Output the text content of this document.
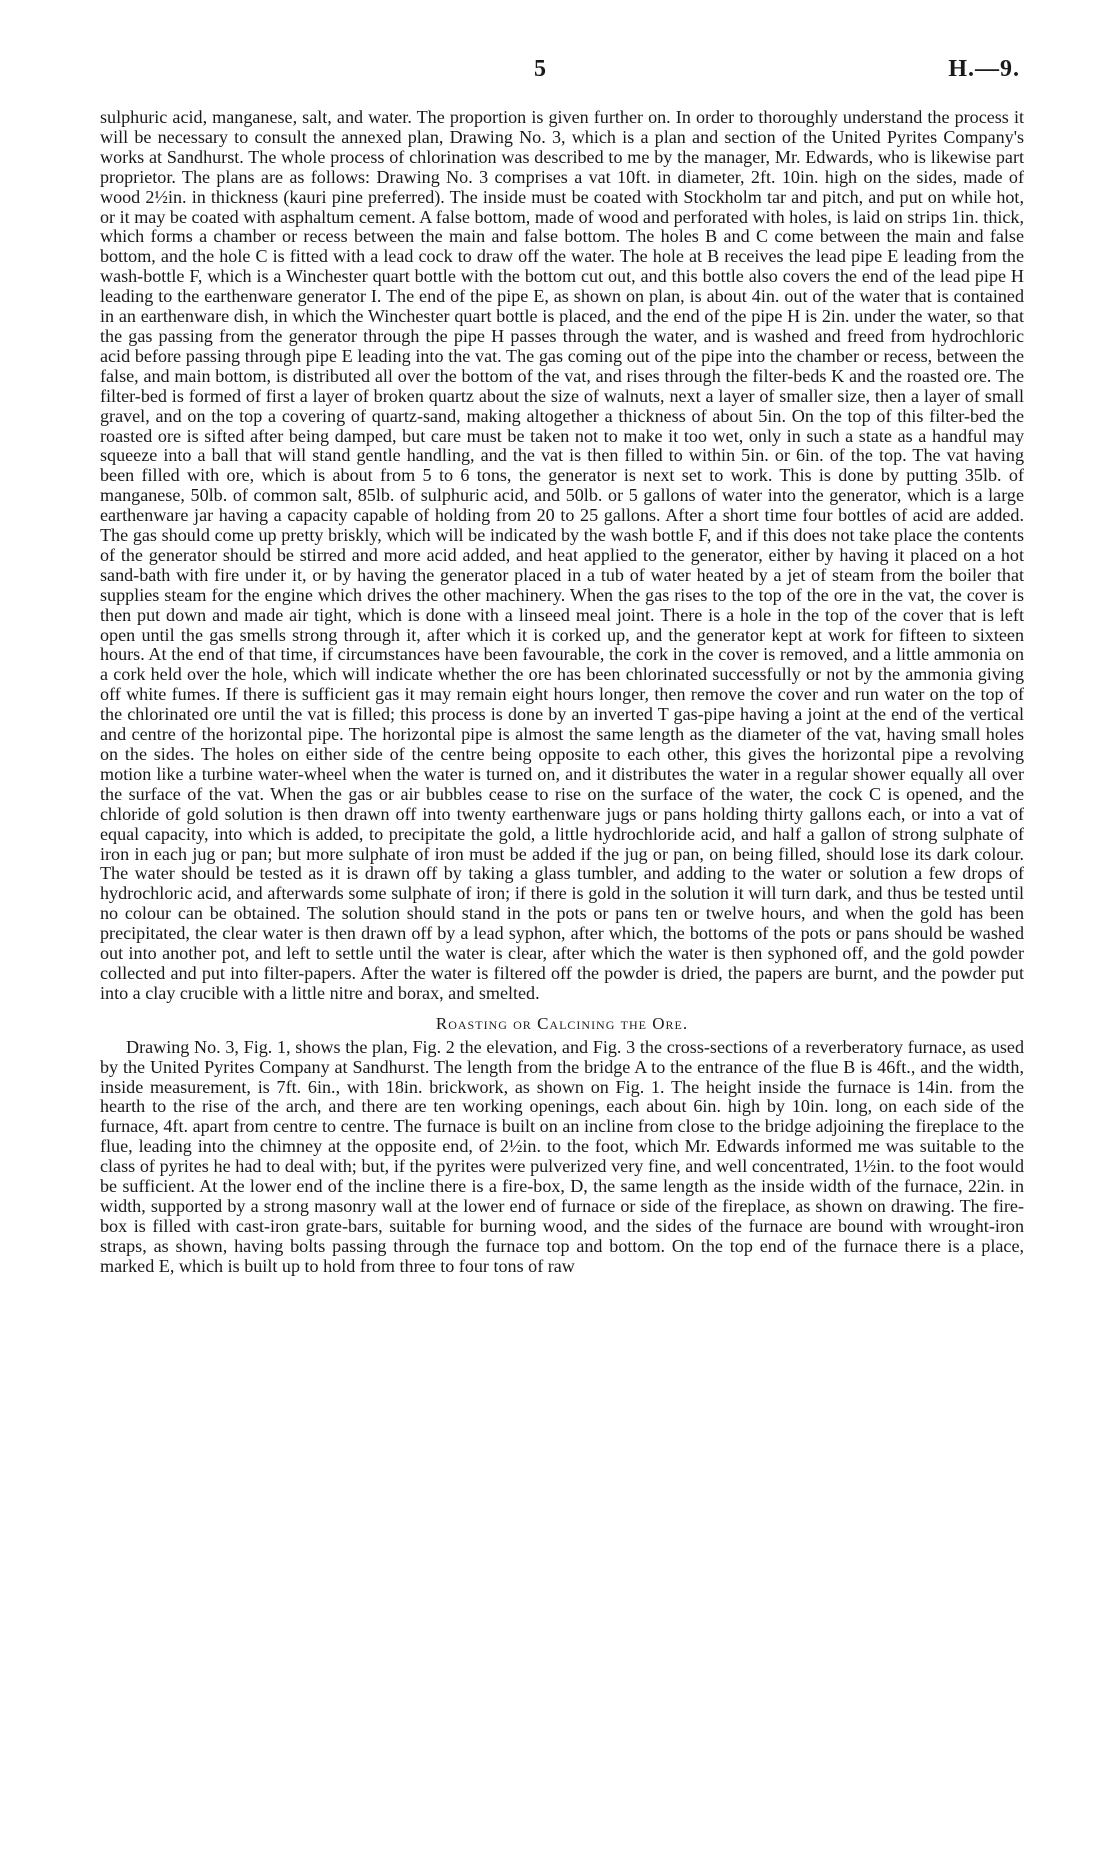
5	H.—9.

sulphuric acid, manganese, salt, and water. The proportion is given further on. In order to thoroughly understand the process it will be necessary to consult the annexed plan, Drawing No. 3, which is a plan and section of the United Pyrites Company's works at Sandhurst. The whole process of chlorination was described to me by the manager, Mr. Edwards, who is likewise part proprietor. The plans are as follows: Drawing No. 3 comprises a vat 10ft. in diameter, 2ft. 10in. high on the sides, made of wood 2½in. in thickness (kauri pine preferred). The inside must be coated with Stockholm tar and pitch, and put on while hot, or it may be coated with asphaltum cement. A false bottom, made of wood and perforated with holes, is laid on strips 1in. thick, which forms a chamber or recess between the main and false bottom. The holes B and C come between the main and false bottom, and the hole C is fitted with a lead cock to draw off the water. The hole at B receives the lead pipe E leading from the wash-bottle F, which is a Winchester quart bottle with the bottom cut out, and this bottle also covers the end of the lead pipe H leading to the earthenware generator I. The end of the pipe E, as shown on plan, is about 4in. out of the water that is contained in an earthenware dish, in which the Winchester quart bottle is placed, and the end of the pipe H is 2in. under the water, so that the gas passing from the generator through the pipe H passes through the water, and is washed and freed from hydrochloric acid before passing through pipe E leading into the vat. The gas coming out of the pipe into the chamber or recess, between the false, and main bottom, is distributed all over the bottom of the vat, and rises through the filter-beds K and the roasted ore. The filter-bed is formed of first a layer of broken quartz about the size of walnuts, next a layer of smaller size, then a layer of small gravel, and on the top a covering of quartz-sand, making altogether a thickness of about 5in. On the top of this filter-bed the roasted ore is sifted after being damped, but care must be taken not to make it too wet, only in such a state as a handful may squeeze into a ball that will stand gentle handling, and the vat is then filled to within 5in. or 6in. of the top. The vat having been filled with ore, which is about from 5 to 6 tons, the generator is next set to work. This is done by putting 35lb. of manganese, 50lb. of common salt, 85lb. of sulphuric acid, and 50lb. or 5 gallons of water into the generator, which is a large earthenware jar having a capacity capable of holding from 20 to 25 gallons. After a short time four bottles of acid are added. The gas should come up pretty briskly, which will be indicated by the wash bottle F, and if this does not take place the contents of the generator should be stirred and more acid added, and heat applied to the generator, either by having it placed on a hot sand-bath with fire under it, or by having the generator placed in a tub of water heated by a jet of steam from the boiler that supplies steam for the engine which drives the other machinery. When the gas rises to the top of the ore in the vat, the cover is then put down and made air tight, which is done with a linseed meal joint. There is a hole in the top of the cover that is left open until the gas smells strong through it, after which it is corked up, and the generator kept at work for fifteen to sixteen hours. At the end of that time, if circumstances have been favourable, the cork in the cover is removed, and a little ammonia on a cork held over the hole, which will indicate whether the ore has been chlorinated successfully or not by the ammonia giving off white fumes. If there is sufficient gas it may remain eight hours longer, then remove the cover and run water on the top of the chlorinated ore until the vat is filled; this process is done by an inverted T gas-pipe having a joint at the end of the vertical and centre of the horizontal pipe. The horizontal pipe is almost the same length as the diameter of the vat, having small holes on the sides. The holes on either side of the centre being opposite to each other, this gives the horizontal pipe a revolving motion like a turbine water-wheel when the water is turned on, and it distributes the water in a regular shower equally all over the surface of the vat. When the gas or air bubbles cease to rise on the surface of the water, the cock C is opened, and the chloride of gold solution is then drawn off into twenty earthenware jugs or pans holding thirty gallons each, or into a vat of equal capacity, into which is added, to precipitate the gold, a little hydrochloride acid, and half a gallon of strong sulphate of iron in each jug or pan; but more sulphate of iron must be added if the jug or pan, on being filled, should lose its dark colour. The water should be tested as it is drawn off by taking a glass tumbler, and adding to the water or solution a few drops of hydrochloric acid, and afterwards some sulphate of iron; if there is gold in the solution it will turn dark, and thus be tested until no colour can be obtained. The solution should stand in the pots or pans ten or twelve hours, and when the gold has been precipitated, the clear water is then drawn off by a lead syphon, after which, the bottoms of the pots or pans should be washed out into another pot, and left to settle until the water is clear, after which the water is then syphoned off, and the gold powder collected and put into filter-papers. After the water is filtered off the powder is dried, the papers are burnt, and the powder put into a clay crucible with a little nitre and borax, and smelted.

Roasting or Calcining the Ore.

Drawing No. 3, Fig. 1, shows the plan, Fig. 2 the elevation, and Fig. 3 the cross-sections of a reverberatory furnace, as used by the United Pyrites Company at Sandhurst. The length from the bridge A to the entrance of the flue B is 46ft., and the width, inside measurement, is 7ft. 6in., with 18in. brickwork, as shown on Fig. 1. The height inside the furnace is 14in. from the hearth to the rise of the arch, and there are ten working openings, each about 6in. high by 10in. long, on each side of the furnace, 4ft. apart from centre to centre. The furnace is built on an incline from close to the bridge adjoining the fireplace to the flue, leading into the chimney at the opposite end, of 2½in. to the foot, which Mr. Edwards informed me was suitable to the class of pyrites he had to deal with; but, if the pyrites were pulverized very fine, and well concentrated, 1½in. to the foot would be sufficient. At the lower end of the incline there is a fire-box, D, the same length as the inside width of the furnace, 22in. in width, supported by a strong masonry wall at the lower end of furnace or side of the fireplace, as shown on drawing. The fire-box is filled with cast-iron grate-bars, suitable for burning wood, and the sides of the furnace are bound with wrought-iron straps, as shown, having bolts passing through the furnace top and bottom. On the top end of the furnace there is a place, marked E, which is built up to hold from three to four tons of raw
